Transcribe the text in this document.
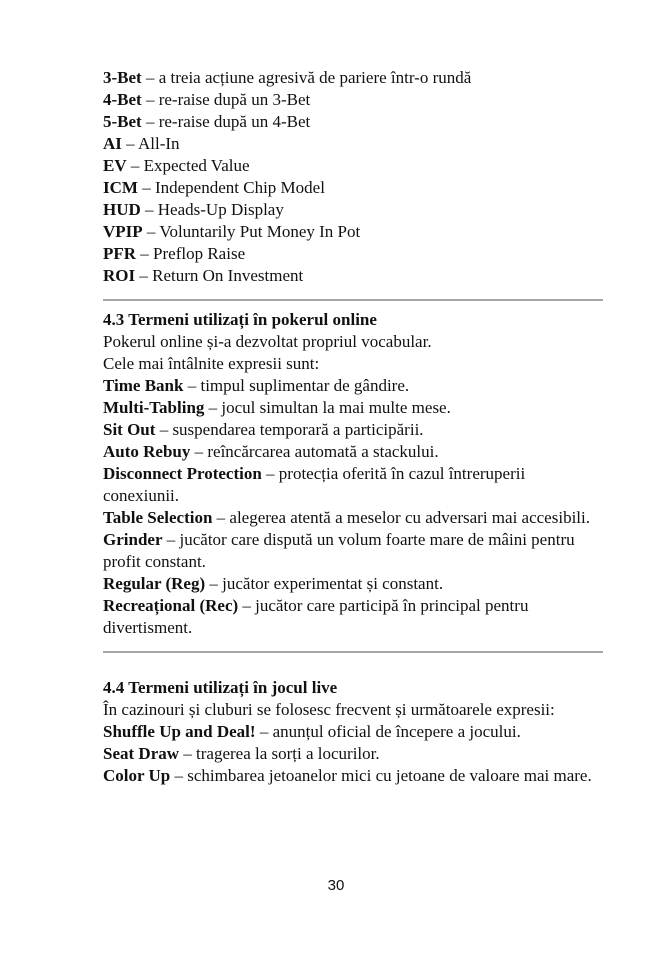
3-Bet – a treia acțiune agresivă de pariere într-o rundă
4-Bet – re-raise după un 3-Bet
5-Bet – re-raise după un 4-Bet
AI – All-In
EV – Expected Value
ICM – Independent Chip Model
HUD – Heads-Up Display
VPIP – Voluntarily Put Money In Pot
PFR – Preflop Raise
ROI – Return On Investment
4.3 Termeni utilizați în pokerul online
Pokerul online și-a dezvoltat propriul vocabular.
Cele mai întâlnite expresii sunt:
Time Bank – timpul suplimentar de gândire.
Multi-Tabling – jocul simultan la mai multe mese.
Sit Out – suspendarea temporară a participării.
Auto Rebuy – reîncărcarea automată a stackului.
Disconnect Protection – protecția oferită în cazul întreruperii conexiunii.
Table Selection – alegerea atentă a meselor cu adversari mai accesibili.
Grinder – jucător care dispută un volum foarte mare de mâini pentru profit constant.
Regular (Reg) – jucător experimentat și constant.
Recreațional (Rec) – jucător care participă în principal pentru divertisment.
4.4 Termeni utilizați în jocul live
În cazinouri și cluburi se folosesc frecvent și următoarele expresii:
Shuffle Up and Deal! – anunțul oficial de începere a jocului.
Seat Draw – tragerea la sorți a locurilor.
Color Up – schimbarea jetoanelor mici cu jetoane de valoare mai mare.
30
